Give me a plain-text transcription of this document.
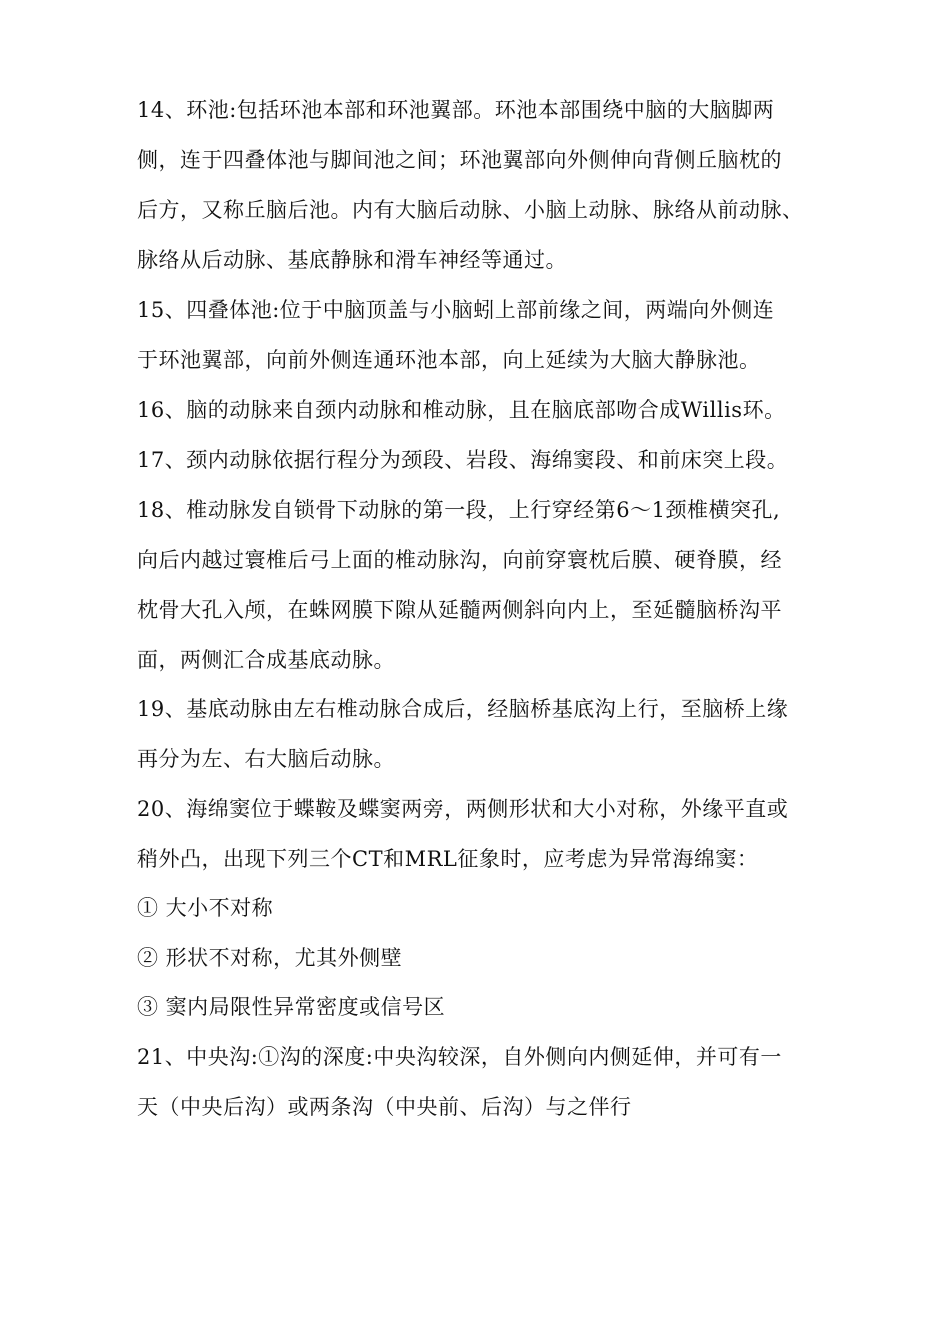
14、环池:包括环池本部和环池翼部。环池本部围绕中脑的大脑脚两
侧，连于四叠体池与脚间池之间；环池翼部向外侧伸向背侧丘脑枕的
后方，又称丘脑后池。内有大脑后动脉、小脑上动脉、脉络从前动脉、
脉络从后动脉、基底静脉和滑车神经等通过。
15、四叠体池:位于中脑顶盖与小脑蚓上部前缘之间，两端向外侧连
于环池翼部，向前外侧连通环池本部，向上延续为大脑大静脉池。
16、脑的动脉来自颈内动脉和椎动脉，且在脑底部吻合成Willis环。
17、颈内动脉依据行程分为颈段、岩段、海绵窦段、和前床突上段。
18、椎动脉发自锁骨下动脉的第一段，上行穿经第6〜1颈椎横突孔,
向后内越过寰椎后弓上面的椎动脉沟，向前穿寰枕后膜、硬脊膜，经
枕骨大孔入颅，在蛛网膜下隙从延髓两侧斜向内上，至延髓脑桥沟平
面，两侧汇合成基底动脉。
19、基底动脉由左右椎动脉合成后，经脑桥基底沟上行，至脑桥上缘
再分为左、右大脑后动脉。
20、海绵窦位于蝶鞍及蝶窦两旁，两侧形状和大小对称，外缘平直或
稍外凸，出现下列三个CT和MRL征象时，应考虑为异常海绵窦：
① 大小不对称
② 形状不对称，尤其外侧壁
③ 窦内局限性异常密度或信号区
21、中央沟:①沟的深度:中央沟较深，自外侧向内侧延伸，并可有一
天（中央后沟）或两条沟（中央前、后沟）与之伴行
